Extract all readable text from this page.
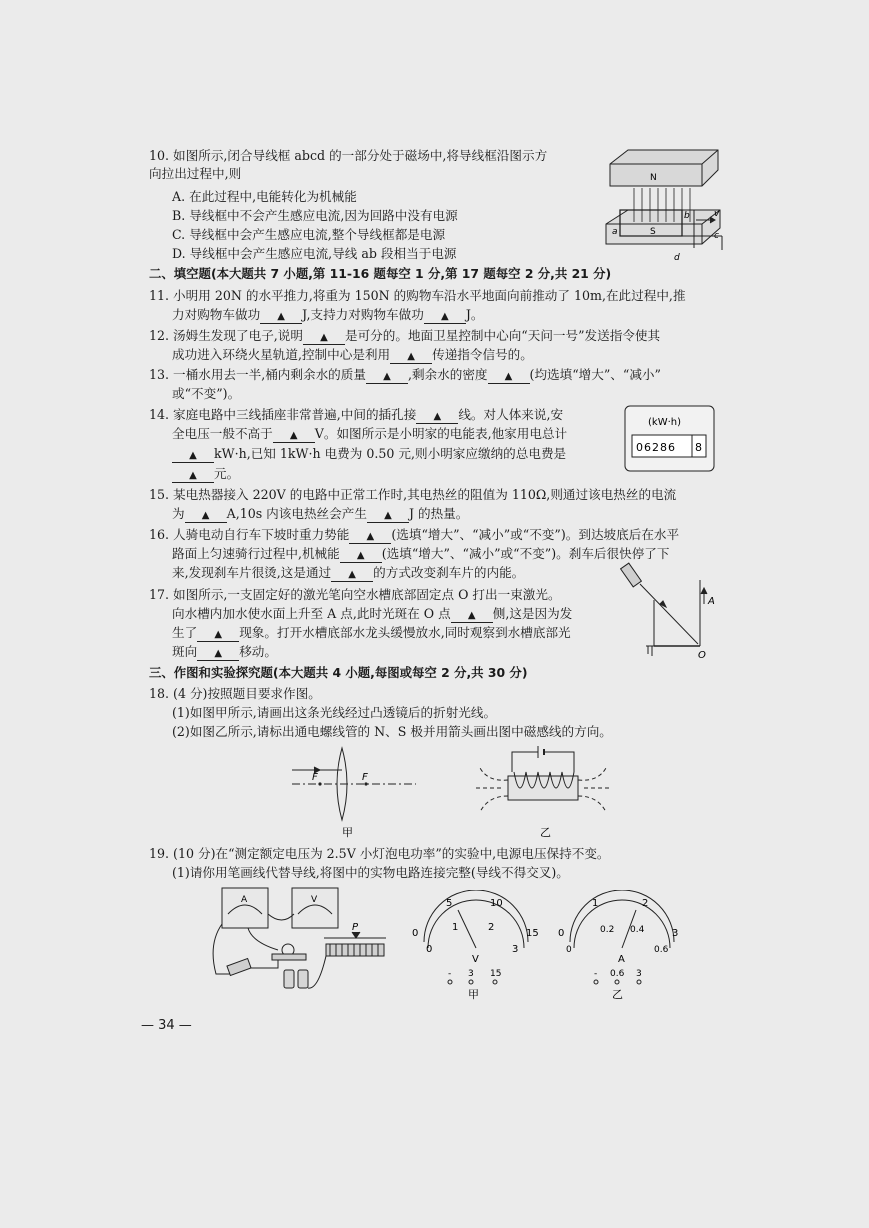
10. 如图所示,闭合导线框 abcd 的一部分处于磁场中,将导线框沿图示方
向拉出过程中,则
A. 在此过程中,电能转化为机械能
B. 导线框中不会产生感应电流,因为回路中没有电源
C. 导线框中会产生感应电流,整个导线框都是电源
D. 导线框中会产生感应电流,导线 ab 段相当于电源
N
S
a
b
c
d
v
二、填空题(本大题共 7 小题,第 11-16 题每空 1 分,第 17 题每空 2 分,共 21 分)
11. 小明用 20N 的水平推力,将重为 150N 的购物车沿水平地面向前推动了 10m,在此过程中,推
力对购物车做功 ▲ J,支持力对购物车做功 ▲ J。
12. 汤姆生发现了电子,说明 ▲ 是可分的。地面卫星控制中心向“天问一号”发送指令使其
成功进入环绕火星轨道,控制中心是利用 ▲ 传递指令信号的。
13. 一桶水用去一半,桶内剩余水的质量 ▲ ,剩余水的密度 ▲ (均选填“增大”、“减小”
或“不变”)。
14. 家庭电路中三线插座非常普遍,中间的插孔接 ▲ 线。对人体来说,安
全电压一般不高于 ▲ V。如图所示是小明家的电能表,他家用电总计
▲ kW·h,已知 1kW·h 电费为 0.50 元,则小明家应缴纳的总电费是
▲ 元。
(kW·h)
06286 8
15. 某电热器接入 220V 的电路中正常工作时,其电热丝的阻值为 110Ω,则通过该电热丝的电流
为 ▲ A,10s 内该电热丝会产生 ▲ J 的热量。
16. 人骑电动自行车下坡时重力势能 ▲ (选填“增大”、“减小”或“不变”)。到达坡底后在水平
路面上匀速骑行过程中,机械能 ▲ (选填“增大”、“减小”或“不变”)。刹车后很快停了下
来,发现刹车片很烫,这是通过 ▲ 的方式改变刹车片的内能。
17. 如图所示,一支固定好的激光笔向空水槽底部固定点 O 打出一束激光。
向水槽内加水使水面上升至 A 点,此时光斑在 O 点 ▲ 侧,这是因为发
生了 ▲ 现象。打开水槽底部水龙头缓慢放水,同时观察到水槽底部光
斑向 ▲ 移动。
A
O
三、作图和实验探究题(本大题共 4 小题,每图或每空 2 分,共 30 分)
18. (4 分)按照题目要求作图。
(1)如图甲所示,请画出这条光线经过凸透镜后的折射光线。
(2)如图乙所示,请标出通电螺线管的 N、S 极并用箭头画出图中磁感线的方向。
F	F
甲	乙
19. (10 分)在“测定额定电压为 2.5V 小灯泡电功率”的实验中,电源电压保持不变。
(1)请你用笔画线代替导线,将图中的实物电路连接完整(导线不得交叉)。
A	V
P
0
5	10
15
0
1	2
3
V
- 3 15
甲
0
1	2
3
0
0.2 0.4
0.6
A
- 0.6 3
乙
— 34 —
